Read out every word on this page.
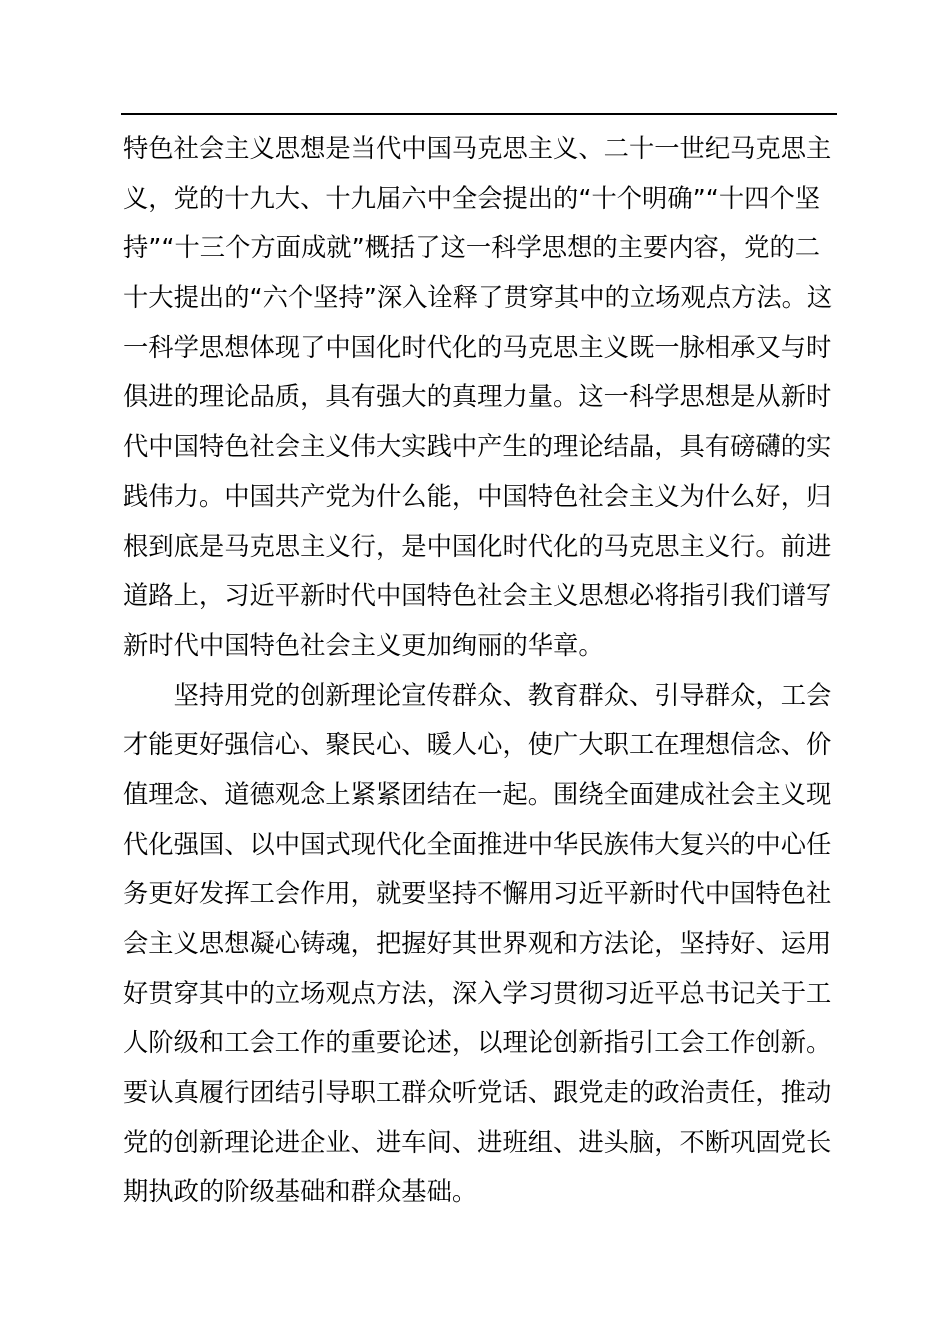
特色社会主义思想是当代中国马克思主义、二十一世纪马克思主
义，党的十九大、十九届六中全会提出的“十个明确”“十四个坚
持”“十三个方面成就”概括了这一科学思想的主要内容，党的二
十大提出的“六个坚持”深入诠释了贯穿其中的立场观点方法。这
一科学思想体现了中国化时代化的马克思主义既一脉相承又与时
俱进的理论品质，具有强大的真理力量。这一科学思想是从新时
代中国特色社会主义伟大实践中产生的理论结晶，具有磅礴的实
践伟力。中国共产党为什么能，中国特色社会主义为什么好，归
根到底是马克思主义行，是中国化时代化的马克思主义行。前进
道路上，习近平新时代中国特色社会主义思想必将指引我们谱写
新时代中国特色社会主义更加绚丽的华章。
坚持用党的创新理论宣传群众、教育群众、引导群众，工会
才能更好强信心、聚民心、暖人心，使广大职工在理想信念、价
值理念、道德观念上紧紧团结在一起。围绕全面建成社会主义现
代化强国、以中国式现代化全面推进中华民族伟大复兴的中心任
务更好发挥工会作用，就要坚持不懈用习近平新时代中国特色社
会主义思想凝心铸魂，把握好其世界观和方法论，坚持好、运用
好贯穿其中的立场观点方法，深入学习贯彻习近平总书记关于工
人阶级和工会工作的重要论述，以理论创新指引工会工作创新。
要认真履行团结引导职工群众听党话、跟党走的政治责任，推动
党的创新理论进企业、进车间、进班组、进头脑，不断巩固党长
期执政的阶级基础和群众基础。
